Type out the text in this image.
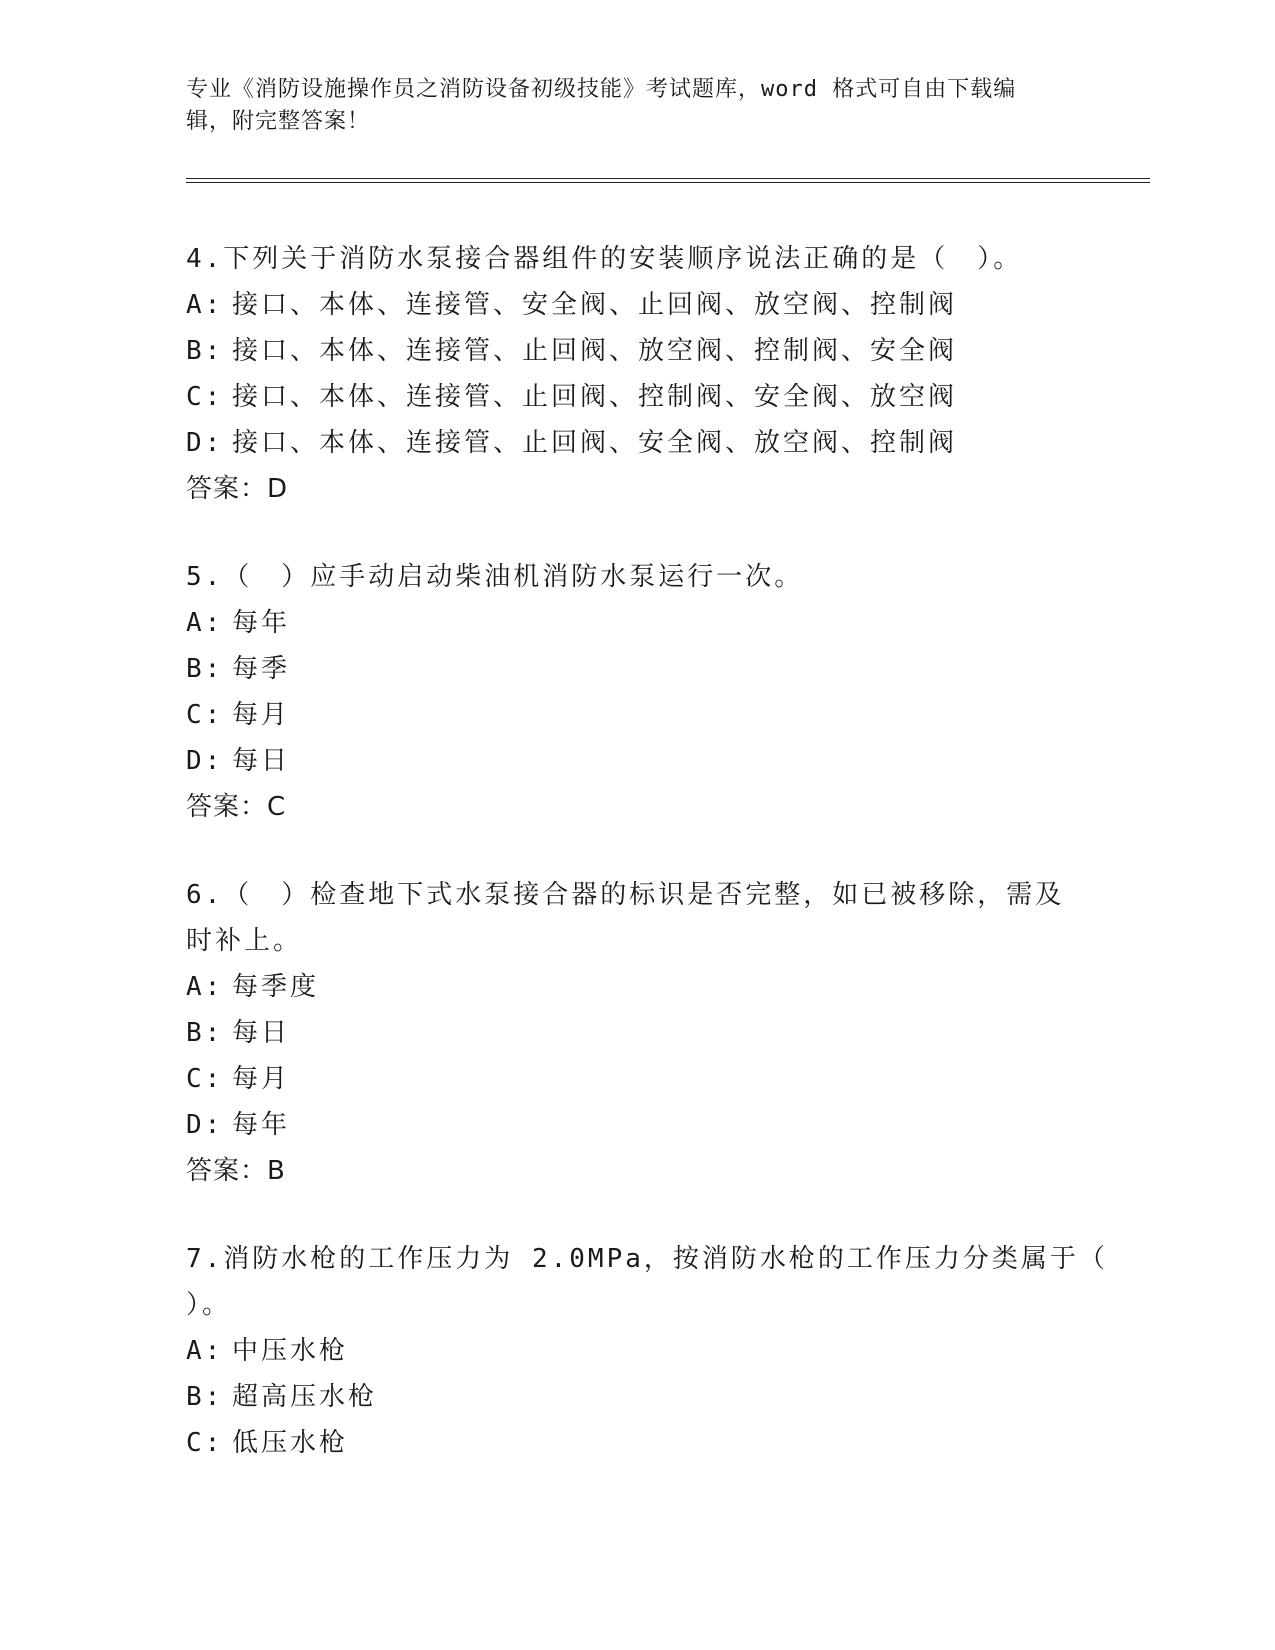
专业《消防设施操作员之消防设备初级技能》考试题库，word 格式可自由下载编
辑，附完整答案！
4.下列关于消防水泵接合器组件的安装顺序说法正确的是（　）。
A: 接口、本体、连接管、安全阀、止回阀、放空阀、控制阀
B: 接口、本体、连接管、止回阀、放空阀、控制阀、安全阀
C: 接口、本体、连接管、止回阀、控制阀、安全阀、放空阀
D: 接口、本体、连接管、止回阀、安全阀、放空阀、控制阀
答案：D
5.（　）应手动启动柴油机消防水泵运行一次。
A: 每年
B: 每季
C: 每月
D: 每日
答案：C
6.（　）检查地下式水泵接合器的标识是否完整，如已被移除，需及
时补上。
A: 每季度
B: 每日
C: 每月
D: 每年
答案：B
7.消防水枪的工作压力为 2.0MPa，按消防水枪的工作压力分类属于（
）。
A: 中压水枪
B: 超高压水枪
C: 低压水枪
